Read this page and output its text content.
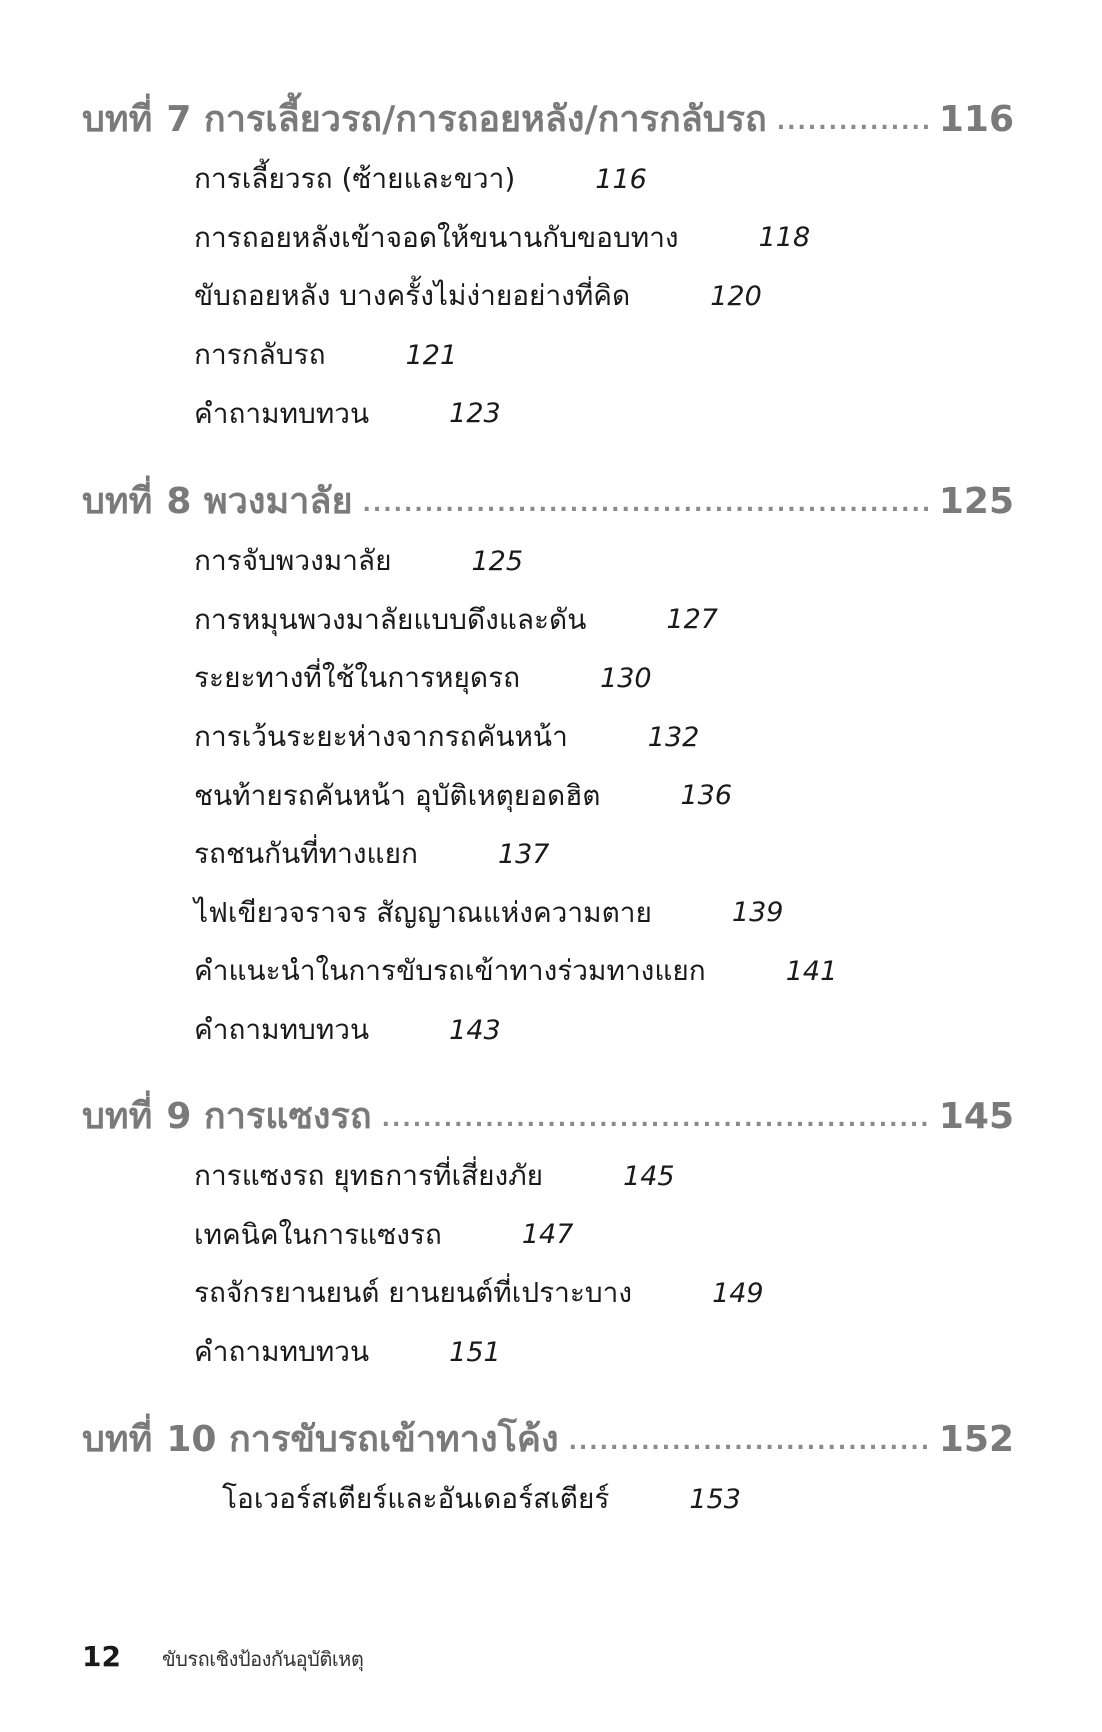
บทที่ 7 การเลี้ยวรถ/การถอยหลัง/การกลับรถ .....	116
การเลี้ยวรถ (ซ้ายและขวา)	116
การถอยหลังเข้าจอดให้ขนานกับขอบทาง	118
ขับถอยหลัง บางครั้งไม่ง่ายอย่างที่คิด	120
การกลับรถ	121
คำถามทบทวน	123
บทที่ 8 พวงมาลัย .....	125
การจับพวงมาลัย	125
การหมุนพวงมาลัยแบบดึงและดัน	127
ระยะทางที่ใช้ในการหยุดรถ	130
การเว้นระยะห่างจากรถคันหน้า	132
ชนท้ายรถคันหน้า อุบัติเหตุยอดฮิต	136
รถชนกันที่ทางแยก	137
ไฟเขียวจราจร สัญญาณแห่งความตาย	139
คำแนะนำในการขับรถเข้าทางร่วมทางแยก	141
คำถามทบทวน	143
บทที่ 9 การแซงรถ .....	145
การแซงรถ ยุทธการที่เสี่ยงภัย	145
เทคนิคในการแซงรถ	147
รถจักรยานยนต์ ยานยนต์ที่เปราะบาง	149
คำถามทบทวน	151
บทที่ 10 การขับรถเข้าทางโค้ง .....	152
โอเวอร์สเตียร์และอันเดอร์สเตียร์	153
12	ขับรถเชิงป้องกันอุบัติเหตุ
